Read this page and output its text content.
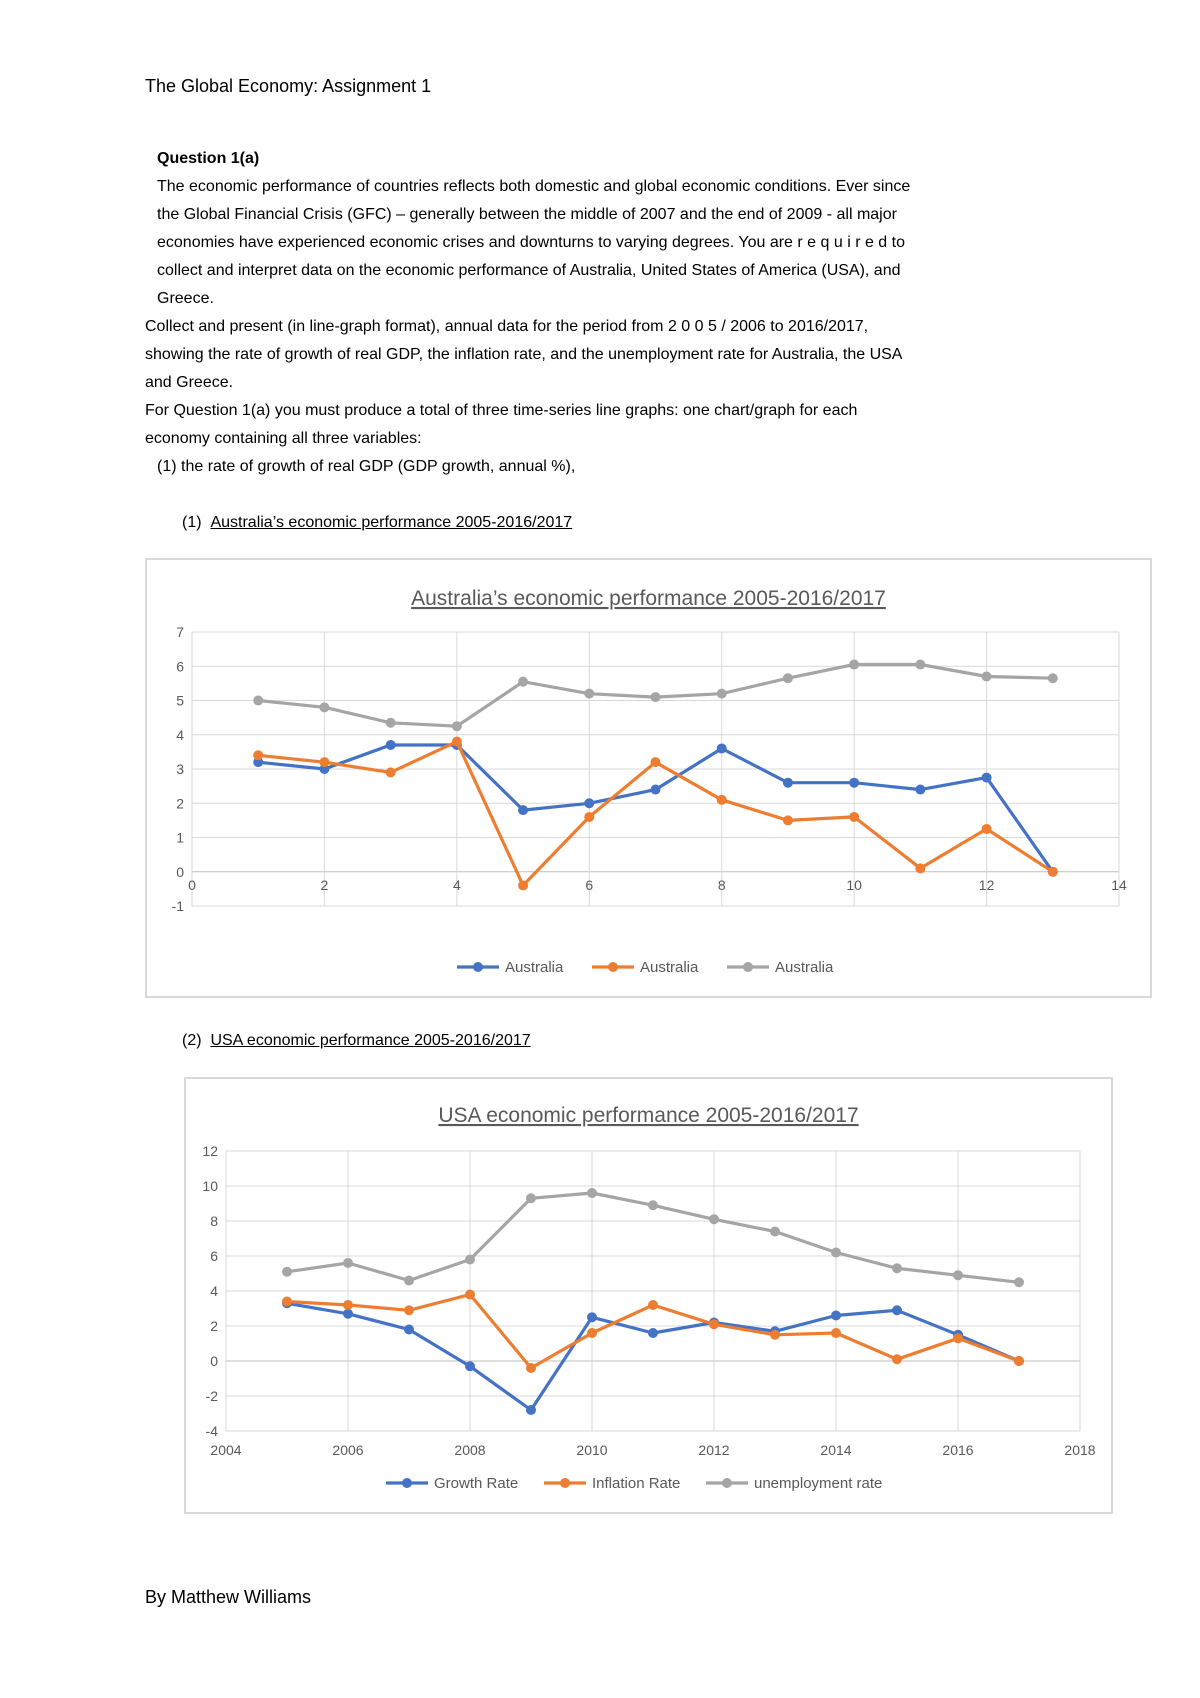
The Global Economy: Assignment 1
Question 1(a)
The economic performance of countries reflects both domestic and global economic conditions. Ever since
the Global Financial Crisis (GFC) – generally between the middle of 2007 and the end of 2009 - all major
economies have experienced economic crises and downturns to varying degrees. You are r e q u i r e d to
collect and interpret data on the economic performance of Australia, United States of America (USA), and
Greece.
Collect and present (in line-graph format), annual data for the period from 2 0 0 5 / 2006 to 2016/2017,
showing the rate of growth of real GDP, the inflation rate, and the unemployment rate for Australia, the USA
and Greece.
For Question 1(a) you must produce a total of three time-series line graphs: one chart/graph for each
economy containing all three variables:
(1) the rate of growth of real GDP (GDP growth, annual %),
(1) Australia’s economic performance 2005-2016/2017
Australia’s economic performance 2005-2016/2017
-1
0
1
2
3
4
5
6
7
0	2	4	6	8	10	12	14
Australia	Australia	Australia
(2) USA economic performance 2005-2016/2017
USA economic performance 2005-2016/2017
-4
-2
0
2
4
6
8
10
12
2004	2006	2008	2010	2012	2014	2016	2018
Growth Rate	Inflation Rate	unemployment rate
By Matthew Williams
